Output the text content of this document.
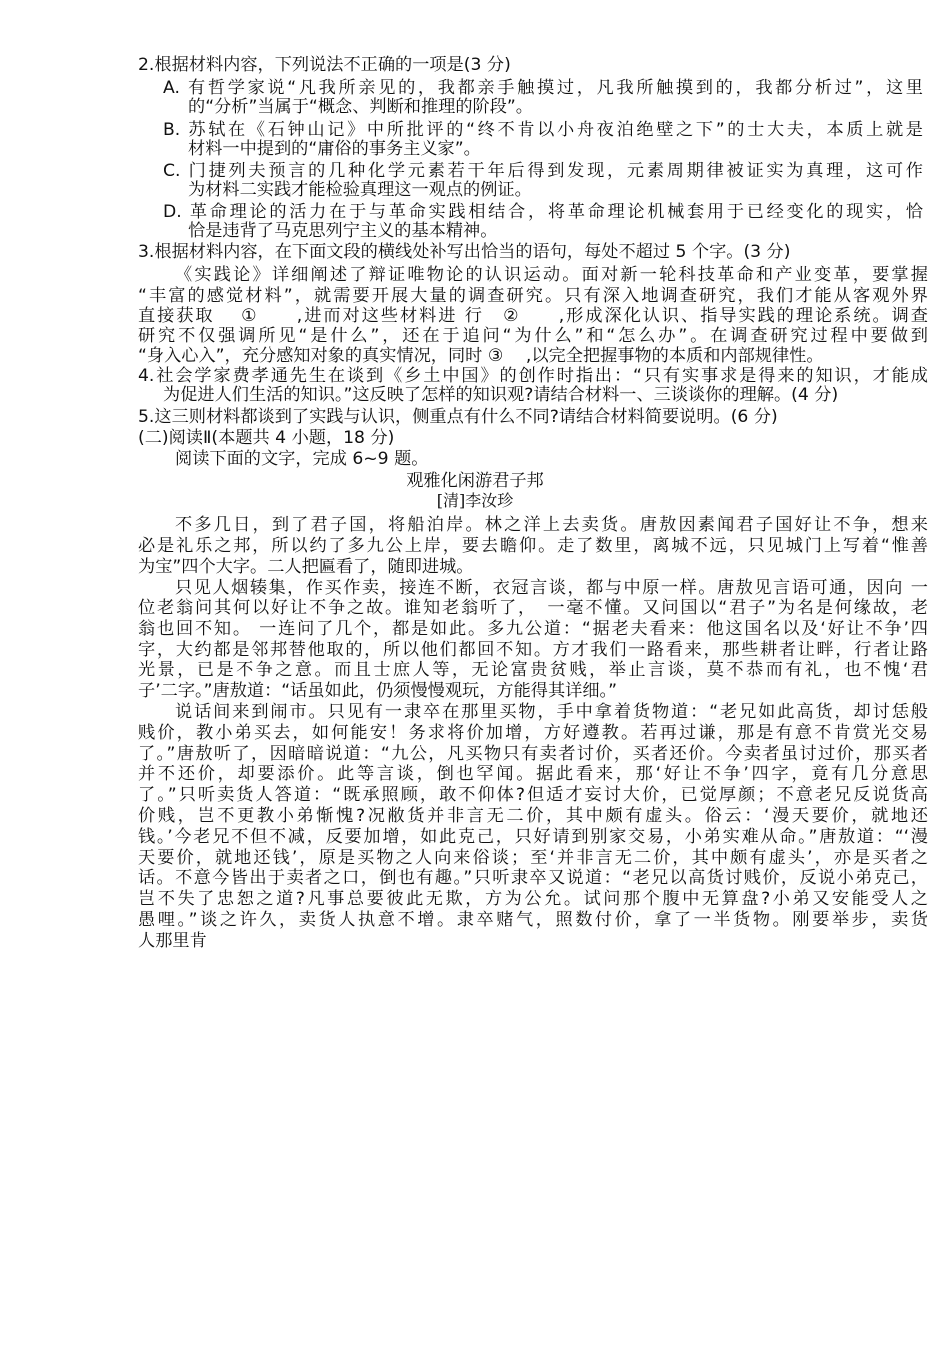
2.根据材料内容，下列说法不正确的一项是(3 分)
A. 有哲学家说“凡我所亲见的，我都亲手触摸过，凡我所触摸到的，我都分析过”，这里
的“分析”当属于“概念、判断和推理的阶段”。
B. 苏轼在《石钟山记》中所批评的“终不肯以小舟夜泊绝壁之下”的士大夫，本质上就是
材料一中提到的“庸俗的事务主义家”。
C. 门捷列夫预言的几种化学元素若干年后得到发现，元素周期律被证实为真理，这可作
为材料二实践才能检验真理这一观点的例证。
D. 革命理论的活力在于与革命实践相结合，将革命理论机械套用于已经变化的现实，恰
恰是违背了马克思列宁主义的基本精神。
3.根据材料内容，在下面文段的横线处补写出恰当的语句，每处不超过 5 个字。(3 分)
《实践论》详细阐述了辩证唯物论的认识运动。面对新一轮科技革命和产业变革，要掌握
“丰富的感觉材料”，就需要开展大量的调查研究。只有深入地调查研究，我们才能从客观外界
直接获取　 ①　　,进而对这些材料进 行　②　　,形成深化认识、指导实践的理论系统。调查
研究不仅强调所见“是什么”，还在于追问“为什么”和“怎么办”。在调查研究过程中要做到
“身入心入”，充分感知对象的真实情况，同时 ③　 ,以完全把握事物的本质和内部规律性。
4.社会学家费孝通先生在谈到《乡土中国》的创作时指出：“只有实事求是得来的知识，才能成
为促进人们生活的知识。”这反映了怎样的知识观?请结合材料一、三谈谈你的理解。(4 分)
5.这三则材料都谈到了实践与认识，侧重点有什么不同?请结合材料简要说明。(6 分)
(二)阅读Ⅱ(本题共 4 小题，18 分)
阅读下面的文字，完成 6~9 题。
观雅化闲游君子邦
[清]李汝珍
不多几日，到了君子国，将船泊岸。林之洋上去卖货。唐敖因素闻君子国好让不争，想来
必是礼乐之邦，所以约了多九公上岸，要去瞻仰。走了数里，离城不远，只见城门上写着“惟善
为宝”四个大字。二人把匾看了，随即进城。
只见人烟辏集，作买作卖，接连不断，衣冠言谈，都与中原一样。唐敖见言语可通，因向 一
位老翁问其何以好让不争之故。谁知老翁听了，　一毫不懂。又问国以“君子”为名是何缘故，老
翁也回不知。 一连问了几个，都是如此。多九公道：“据老夫看来：他这国名以及‘好让不争’四
字，大约都是邻邦替他取的，所以他们都回不知。方才我们一路看来，那些耕者让畔，行者让路
光景，已是不争之意。而且士庶人等，无论富贵贫贱，举止言谈，莫不恭而有礼，也不愧‘君
子’二字。”唐敖道：“话虽如此，仍须慢慢观玩，方能得其详细。”
说话间来到闹市。只见有一隶卒在那里买物，手中拿着货物道：“老兄如此高货，却讨恁般
贱价，教小弟买去，如何能安！务求将价加增，方好遵教。若再过谦，那是有意不肯赏光交易
了。”唐敖听了，因暗暗说道：“九公，凡买物只有卖者讨价，买者还价。今卖者虽讨过价，那买者
并不还价，却要添价。此等言谈，倒也罕闻。据此看来，那‘好让不争’四字，竟有几分意思
了。”只听卖货人答道：“既承照顾，敢不仰体?但适才妄讨大价，已觉厚颜；不意老兄反说货高
价贱，岂不更教小弟惭愧?况敝货并非言无二价，其中颇有虚头。俗云：‘漫天要价，就地还
钱。’今老兄不但不减，反要加增，如此克己，只好请到别家交易，小弟实难从命。”唐敖道：“‘漫
天要价，就地还钱’，原是买物之人向来俗谈；至‘并非言无二价，其中颇有虚头’，亦是买者之
话。不意今皆出于卖者之口，倒也有趣。”只听隶卒又说道：“老兄以高货讨贱价，反说小弟克己，
岂不失了忠恕之道?凡事总要彼此无欺，方为公允。试问那个腹中无算盘?小弟又安能受人之
愚哩。”谈之许久，卖货人执意不增。隶卒赌气，照数付价，拿了一半货物。刚要举步，卖货
人那里肯
